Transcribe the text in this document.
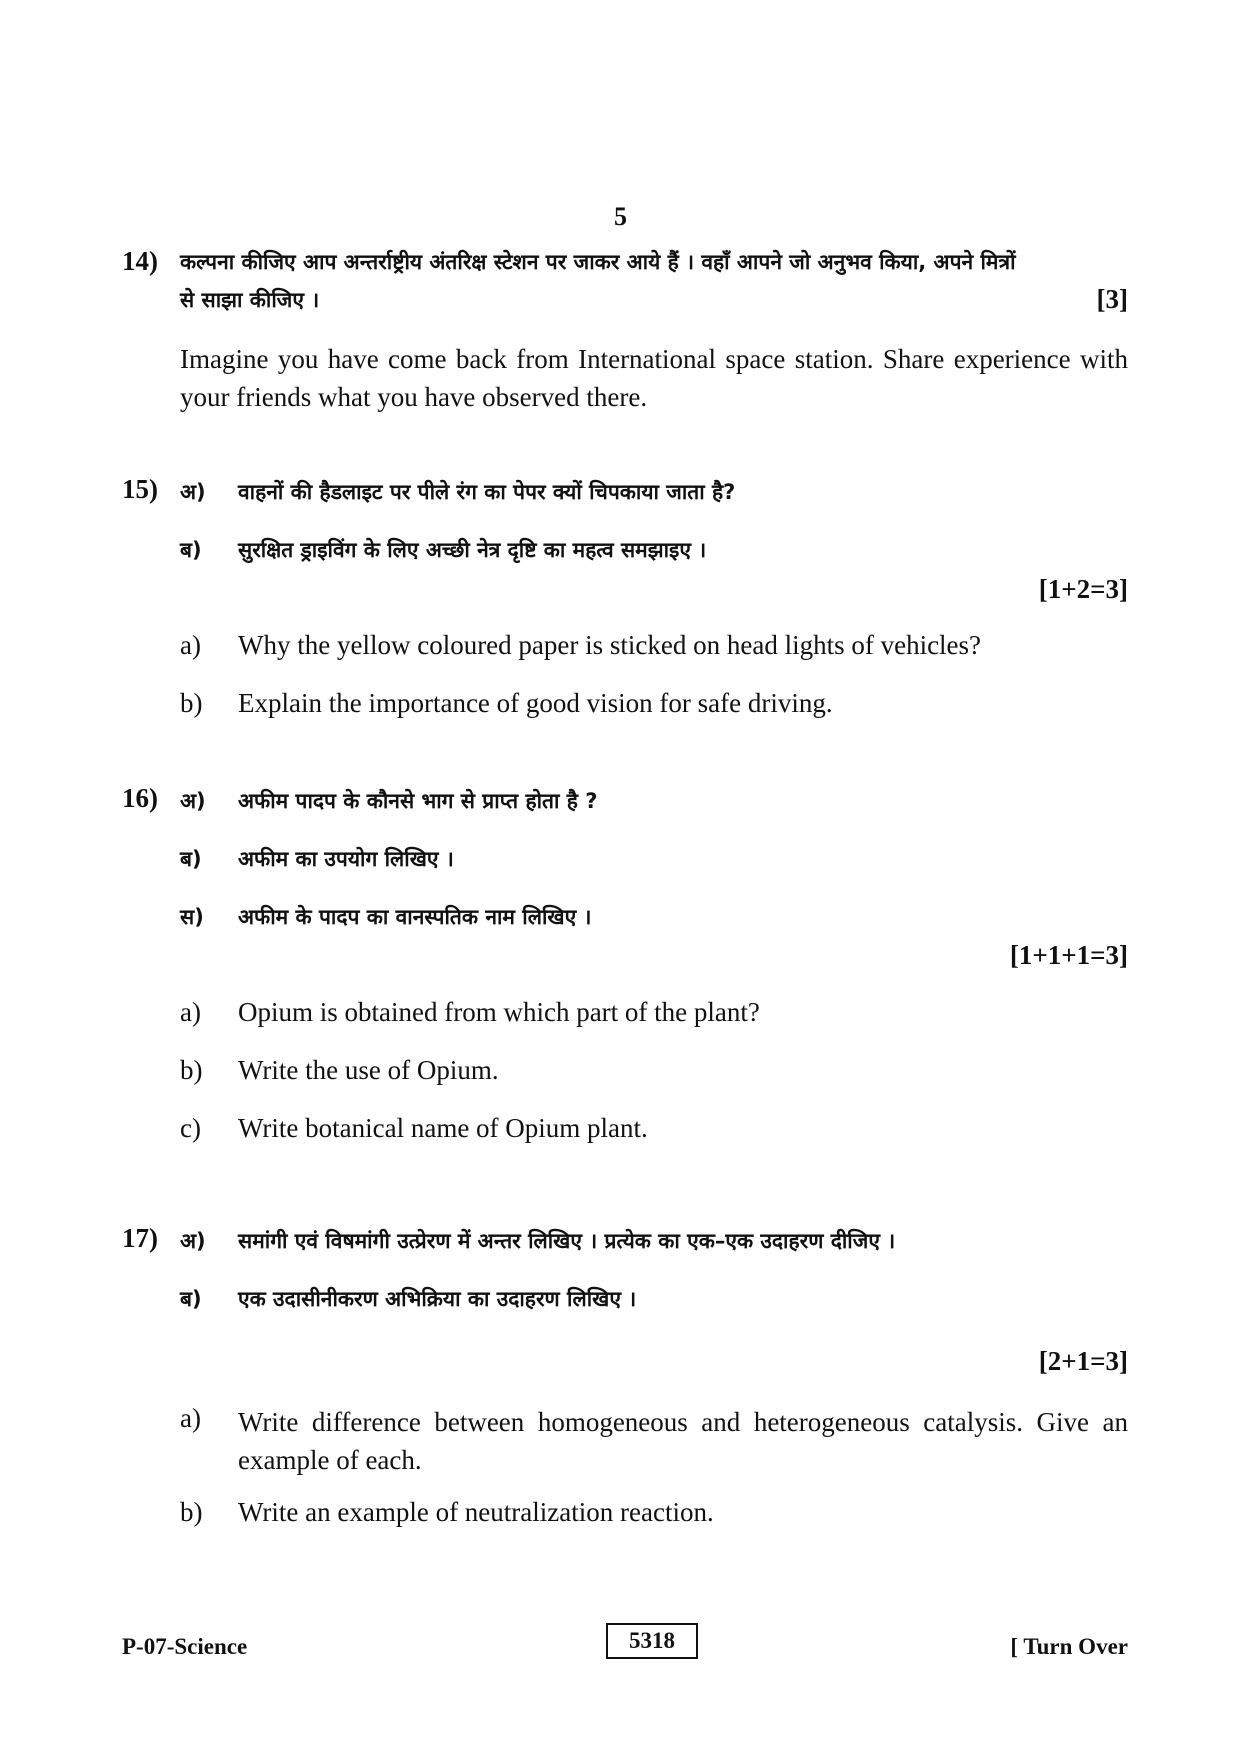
5
14) कल्पना कीजिए आप अन्तर्राष्ट्रीय अंतरिक्ष स्टेशन पर जाकर आये हैं । वहाँ आपने जो अनुभव किया, अपने मित्रों
से साझा कीजिए ।	[3]
Imagine you have come back from International space station. Share experience with your friends what you have observed there.
15) अ) वाहनों की हैडलाइट पर पीले रंग का पेपर क्यों चिपकाया जाता है?
ब) सुरक्षित ड्राइविंग के लिए अच्छी नेत्र दृष्टि का महत्व समझाइए ।
[1+2=3]
a) Why the yellow coloured paper is sticked on head lights of vehicles?
b) Explain the importance of good vision for safe driving.
16) अ) अफीम पादप के कौनसे भाग से प्राप्त होता है ?
ब) अफीम का उपयोग लिखिए ।
स) अफीम के पादप का वानस्पतिक नाम लिखिए ।
[1+1+1=3]
a) Opium is obtained from which part of the plant?
b) Write the use of Opium.
c) Write botanical name of Opium plant.
17) अ) समांगी एवं विषमांगी उत्प्रेरण में अन्तर लिखिए । प्रत्येक का एक–एक उदाहरण दीजिए ।
ब) एक उदासीनीकरण अभिक्रिया का उदाहरण लिखिए ।
[2+1=3]
a) Write difference between homogeneous and heterogeneous catalysis. Give an example of each.
b) Write an example of neutralization reaction.
P-07-Science	5318	[ Turn Over
